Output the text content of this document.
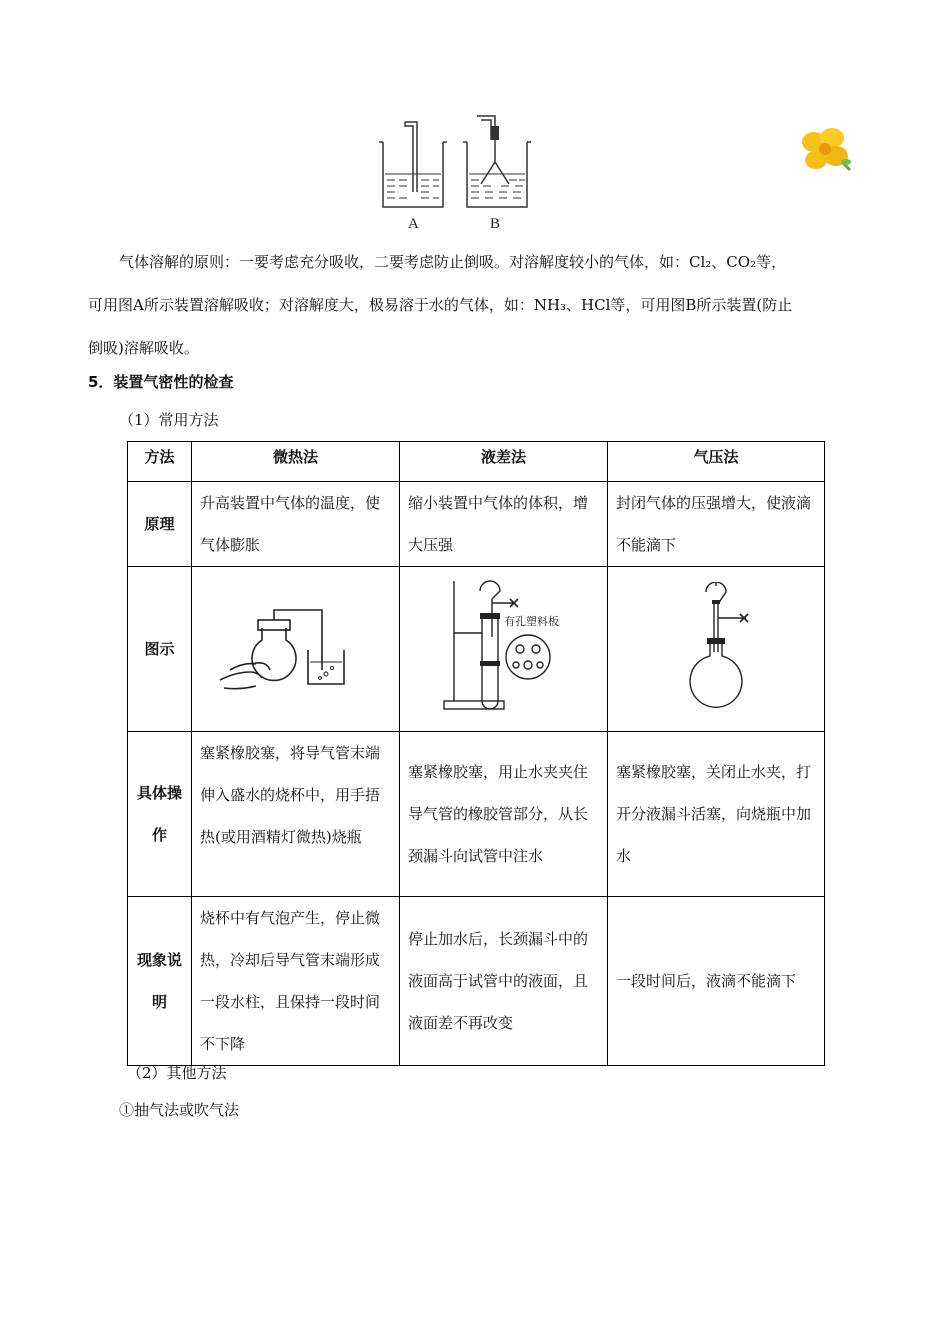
A	B
气体溶解的原则：一要考虑充分吸收，二要考虑防止倒吸。对溶解度较小的气体，如：Cl₂、CO₂等，
可用图A所示装置溶解吸收；对溶解度大，极易溶于水的气体，如：NH₃、HCl等，可用图B所示装置(防止
倒吸)溶解吸收。
5．装置气密性的检查
（1）常用方法
方法	微热法	液差法	气压法
原理	升高装置中气体的温度，使气体膨胀	缩小装置中气体的体积，增大压强	封闭气体的压强增大，使液滴不能滴下
图示		有孔塑料板

具体操作	塞紧橡胶塞，将导气管末端伸入盛水的烧杯中，用手捂热(或用酒精灯微热)烧瓶	塞紧橡胶塞，用止水夹夹住导气管的橡胶管部分，从长颈漏斗向试管中注水	塞紧橡胶塞，关闭止水夹，打开分液漏斗活塞，向烧瓶中加水
现象说明	烧杯中有气泡产生，停止微热，冷却后导气管末端形成一段水柱，且保持一段时间不下降	停止加水后，长颈漏斗中的液面高于试管中的液面，且液面差不再改变	一段时间后，液滴不能滴下
（2）其他方法
①抽气法或吹气法
